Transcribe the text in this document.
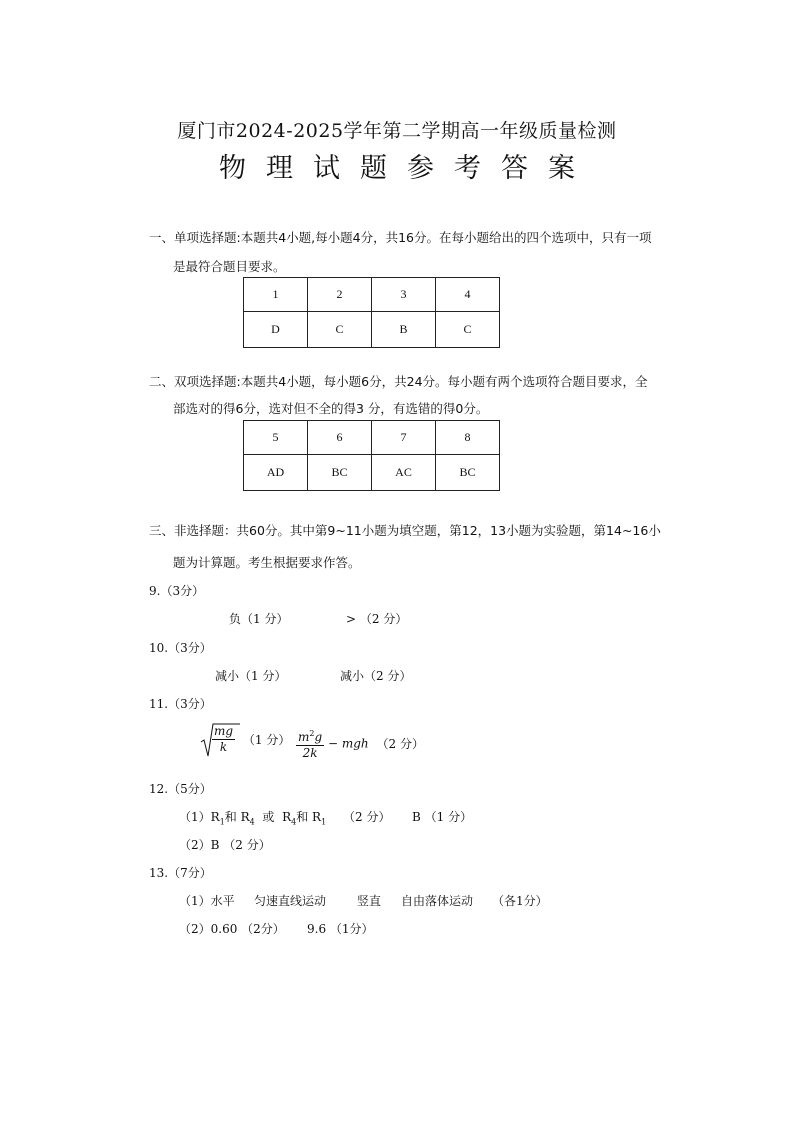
厦门市2024-2025学年第二学期高一年级质量检测
物理试题参考答案
一、单项选择题:本题共4小题,每小题4分，共16分。在每小题给出的四个选项中，只有一项
是最符合题目要求。
1	2	3	4
D	C	B	C
二、双项选择题:本题共4小题，每小题6分，共24分。每小题有两个选项符合题目要求，全
部选对的得6分，选对但不全的得3 分，有选错的得0分。
5	6	7	8
AD	BC	AC	BC
三、非选择题：共60分。其中第9~11小题为填空题，第12，13小题为实验题，第14~16小
题为计算题。考生根据要求作答。
9.（3分）
负（1 分）	> （2 分）
10.（3分）
减小（1 分）	减小（2 分）
11.（3分）
$\frac{mg}{k} (1$ 分） $\frac{m^2g}{2k}$ − mgh （2 分）
12.（5分）
$(1)R_1$和 $R_4$ 或 $R_4$和 $R_1$ （2 分） B （1 分）
（2）B （2 分）
13.（7分）
（1）水平 匀速直线运动	竖直 自由落体运动 （各1分）
（2）0.60 （2分） 9.6 （1分）
